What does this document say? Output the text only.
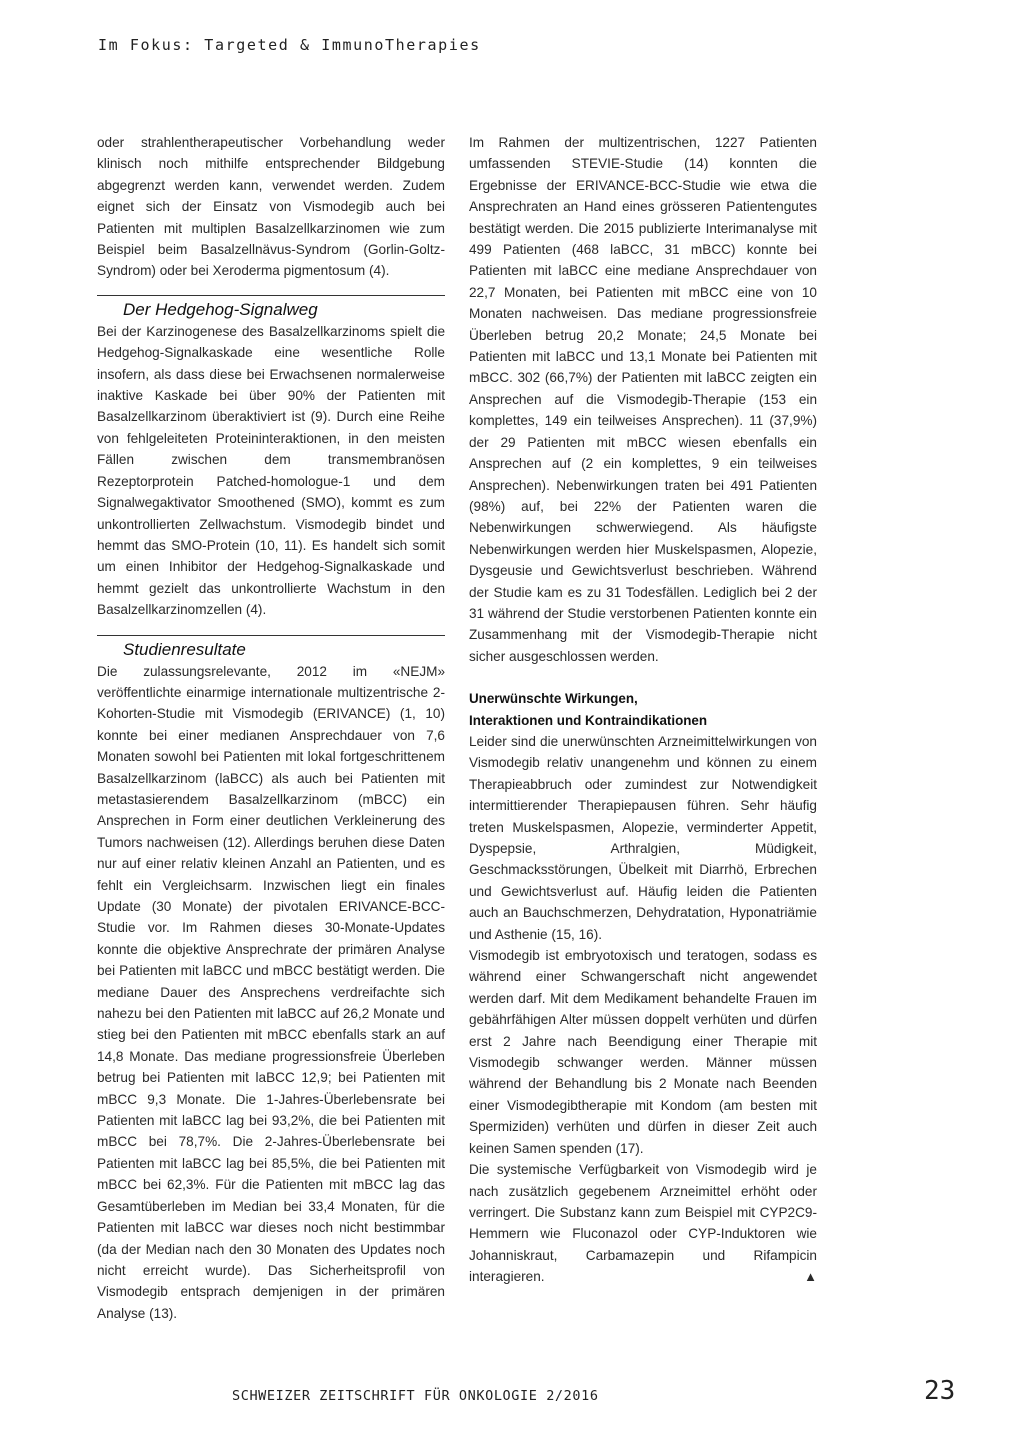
Im Fokus: Targeted & ImmunoTherapies

oder strahlentherapeutischer Vorbehandlung weder klinisch noch mithilfe entsprechender Bildgebung abgegrenzt werden kann, verwendet werden. Zudem eignet sich der Einsatz von Vismodegib auch bei Patienten mit multiplen Basalzellkarzinomen wie zum Beispiel beim Basalzellnävus-Syndrom (Gorlin-Goltz-Syndrom) oder bei Xeroderma pigmentosum (4).

Der Hedgehog-Signalweg

Bei der Karzinogenese des Basalzellkarzinoms spielt die Hedgehog-Signalkaskade eine wesentliche Rolle insofern, als dass diese bei Erwachsenen normalerweise inaktive Kaskade bei über 90% der Patienten mit Basalzellkarzinom überaktiviert ist (9). Durch eine Reihe von fehlgeleiteten Proteininteraktionen, in den meisten Fällen zwischen dem transmembranösen Rezeptorprotein Patched-homologue-1 und dem Signalwegaktivator Smoothened (SMO), kommt es zum unkontrollierten Zellwachstum. Vismodegib bindet und hemmt das SMO-Protein (10, 11). Es handelt sich somit um einen Inhibitor der Hedgehog-Signalkaskade und hemmt gezielt das unkontrollierte Wachstum in den Basalzellkarzinomzellen (4).

Studienresultate

Die zulassungsrelevante, 2012 im «NEJM» veröffentlichte einarmige internationale multizentrische 2-Kohorten-Studie mit Vismodegib (ERIVANCE) (1, 10) konnte bei einer medianen Ansprechdauer von 7,6 Monaten sowohl bei Patienten mit lokal fortgeschrittenem Basalzellkarzinom (laBCC) als auch bei Patienten mit metastasierendem Basalzellkarzinom (mBCC) ein Ansprechen in Form einer deutlichen Verkleinerung des Tumors nachweisen (12). Allerdings beruhen diese Daten nur auf einer relativ kleinen Anzahl an Patienten, und es fehlt ein Vergleichsarm. Inzwischen liegt ein finales Update (30 Monate) der pivotalen ERIVANCE-BCC-Studie vor. Im Rahmen dieses 30-Monate-Updates konnte die objektive Ansprechrate der primären Analyse bei Patienten mit laBCC und mBCC bestätigt werden. Die mediane Dauer des Ansprechens verdreifachte sich nahezu bei den Patienten mit laBCC auf 26,2 Monate und stieg bei den Patienten mit mBCC ebenfalls stark an auf 14,8 Monate. Das mediane progressionsfreie Überleben betrug bei Patienten mit laBCC 12,9; bei Patienten mit mBCC 9,3 Monate. Die 1-Jahres-Überlebensrate bei Patienten mit laBCC lag bei 93,2%, die bei Patienten mit mBCC bei 78,7%. Die 2-Jahres-Überlebensrate bei Patienten mit laBCC lag bei 85,5%, die bei Patienten mit mBCC bei 62,3%. Für die Patienten mit mBCC lag das Gesamtüberleben im Median bei 33,4 Monaten, für die Patienten mit laBCC war dieses noch nicht bestimmbar (da der Median nach den 30 Monaten des Updates noch nicht erreicht wurde). Das Sicherheitsprofil von Vismodegib entsprach demjenigen in der primären Analyse (13).

Im Rahmen der multizentrischen, 1227 Patienten umfassenden STEVIE-Studie (14) konnten die Ergebnisse der ERIVANCE-BCC-Studie wie etwa die Ansprechraten an Hand eines grösseren Patientengutes bestätigt werden. Die 2015 publizierte Interimanalyse mit 499 Patienten (468 laBCC, 31 mBCC) konnte bei Patienten mit laBCC eine mediane Ansprechdauer von 22,7 Monaten, bei Patienten mit mBCC eine von 10 Monaten nachweisen. Das mediane progressionsfreie Überleben betrug 20,2 Monate; 24,5 Monate bei Patienten mit laBCC und 13,1 Monate bei Patienten mit mBCC. 302 (66,7%) der Patienten mit laBCC zeigten ein Ansprechen auf die Vismodegib-Therapie (153 ein komplettes, 149 ein teilweises Ansprechen). 11 (37,9%) der 29 Patienten mit mBCC wiesen ebenfalls ein Ansprechen auf (2 ein komplettes, 9 ein teilweises Ansprechen). Nebenwirkungen traten bei 491 Patienten (98%) auf, bei 22% der Patienten waren die Nebenwirkungen schwerwiegend. Als häufigste Nebenwirkungen werden hier Muskelspasmen, Alopezie, Dysgeusie und Gewichtsverlust beschrieben. Während der Studie kam es zu 31 Todesfällen. Lediglich bei 2 der 31 während der Studie verstorbenen Patienten konnte ein Zusammenhang mit der Vismodegib-Therapie nicht sicher ausgeschlossen werden.

Unerwünschte Wirkungen,
Interaktionen und Kontraindikationen

Leider sind die unerwünschten Arzneimittelwirkungen von Vismodegib relativ unangenehm und können zu einem Therapieabbruch oder zumindest zur Notwendigkeit intermittierender Therapiepausen führen. Sehr häufig treten Muskelspasmen, Alopezie, verminderter Appetit, Dyspepsie, Arthralgien, Müdigkeit, Geschmacksstörungen, Übelkeit mit Diarrhö, Erbrechen und Gewichtsverlust auf. Häufig leiden die Patienten auch an Bauchschmerzen, Dehydratation, Hyponatriämie und Asthenie (15, 16).

Vismodegib ist embryotoxisch und teratogen, sodass es während einer Schwangerschaft nicht angewendet werden darf. Mit dem Medikament behandelte Frauen im gebährfähigen Alter müssen doppelt verhüten und dürfen erst 2 Jahre nach Beendigung einer Therapie mit Vismodegib schwanger werden. Männer müssen während der Behandlung bis 2 Monate nach Beenden einer Vismodegibtherapie mit Kondom (am besten mit Spermiziden) verhüten und dürfen in dieser Zeit auch keinen Samen spenden (17).

Die systemische Verfügbarkeit von Vismodegib wird je nach zusätzlich gegebenem Arzneimittel erhöht oder verringert. Die Substanz kann zum Beispiel mit CYP2C9-Hemmern wie Fluconazol oder CYP-Induktoren wie Johanniskraut, Carbamazepin und Rifampicin interagieren.	▲

SCHWEIZER ZEITSCHRIFT FÜR ONKOLOGIE 2/2016	23
